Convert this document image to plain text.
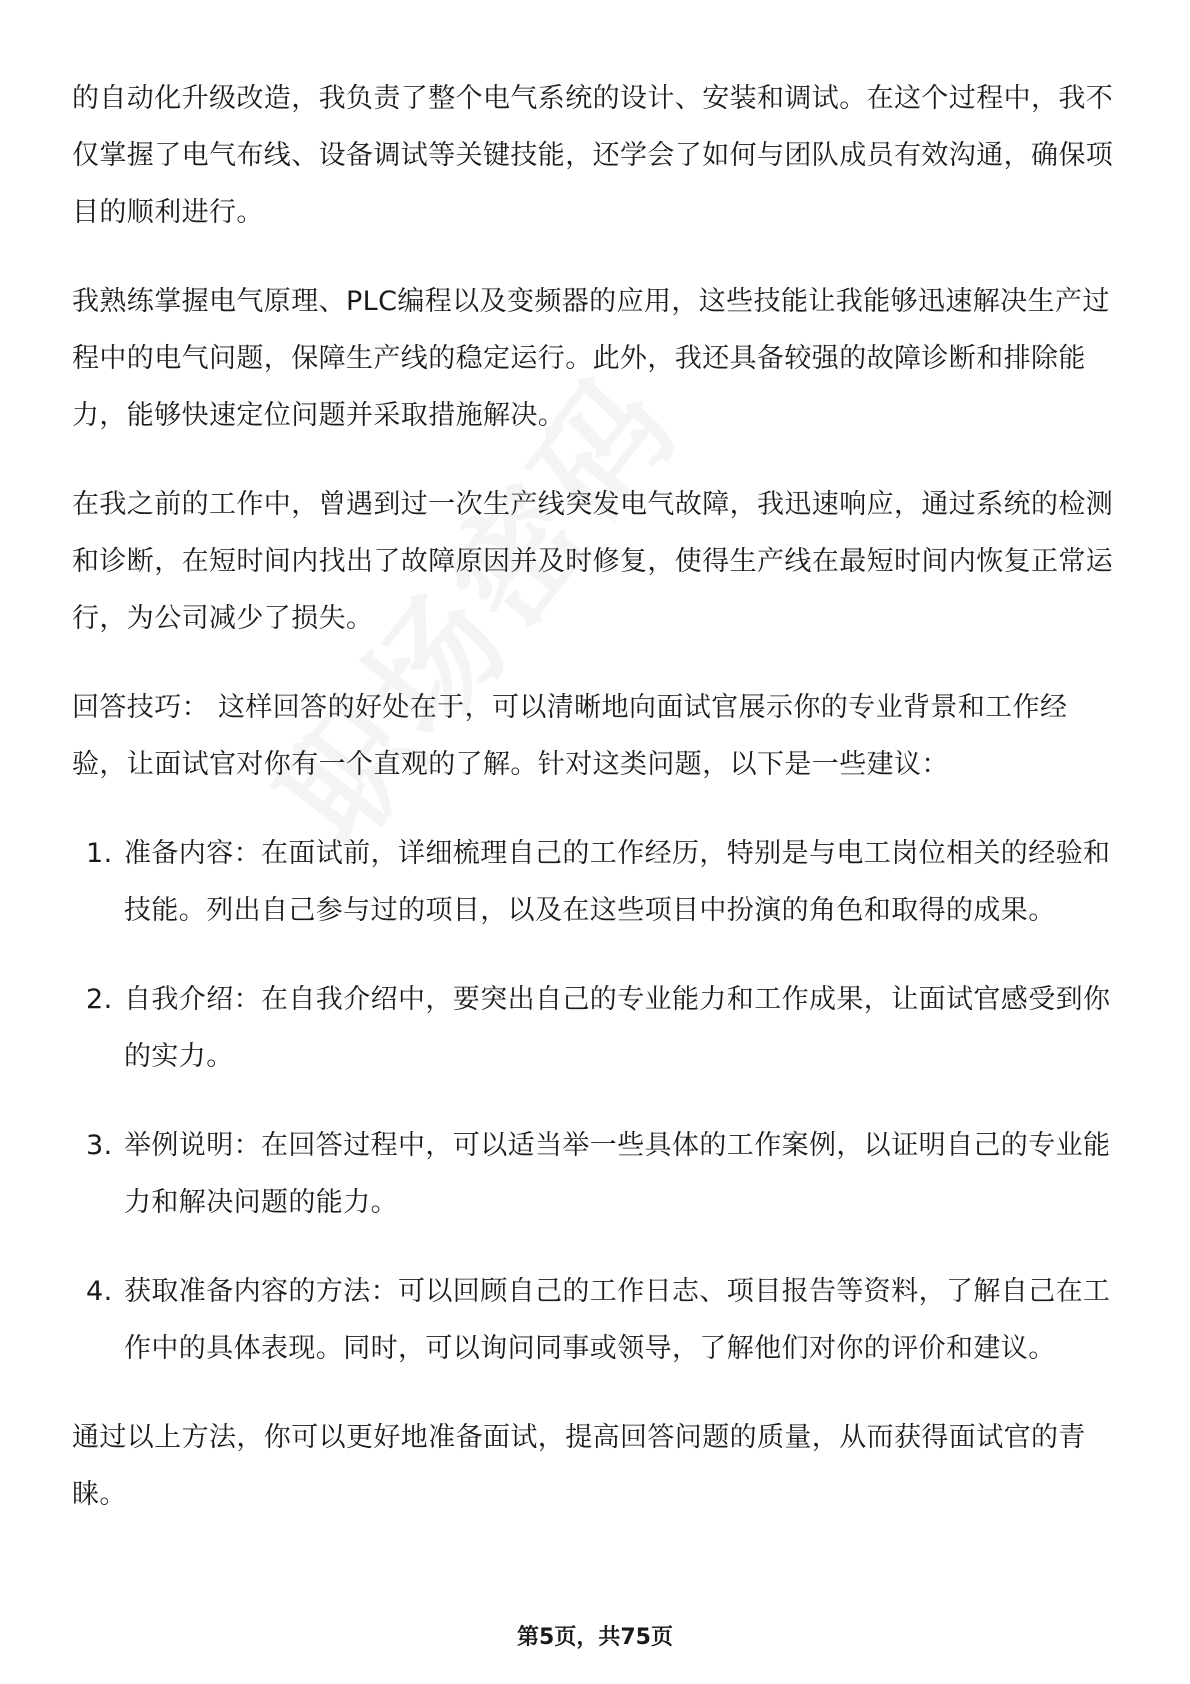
的自动化升级改造，我负责了整个电气系统的设计、安装和调试。在这个过程中，我不仅掌握了电气布线、设备调试等关键技能，还学会了如何与团队成员有效沟通，确保项目的顺利进行。

我熟练掌握电气原理、PLC编程以及变频器的应用，这些技能让我能够迅速解决生产过程中的电气问题，保障生产线的稳定运行。此外，我还具备较强的故障诊断和排除能力，能够快速定位问题并采取措施解决。

在我之前的工作中，曾遇到过一次生产线突发电气故障，我迅速响应，通过系统的检测和诊断，在短时间内找出了故障原因并及时修复，使得生产线在最短时间内恢复正常运行，为公司减少了损失。

回答技巧： 这样回答的好处在于，可以清晰地向面试官展示你的专业背景和工作经验，让面试官对你有一个直观的了解。针对这类问题，以下是一些建议：

1. 准备内容：在面试前，详细梳理自己的工作经历，特别是与电工岗位相关的经验和技能。列出自己参与过的项目，以及在这些项目中扮演的角色和取得的成果。
2. 自我介绍：在自我介绍中，要突出自己的专业能力和工作成果，让面试官感受到你的实力。
3. 举例说明：在回答过程中，可以适当举一些具体的工作案例，以证明自己的专业能力和解决问题的能力。
4. 获取准备内容的方法：可以回顾自己的工作日志、项目报告等资料，了解自己在工作中的具体表现。同时，可以询问同事或领导，了解他们对你的评价和建议。

通过以上方法，你可以更好地准备面试，提高回答问题的质量，从而获得面试官的青睐。

第5页，共75页
